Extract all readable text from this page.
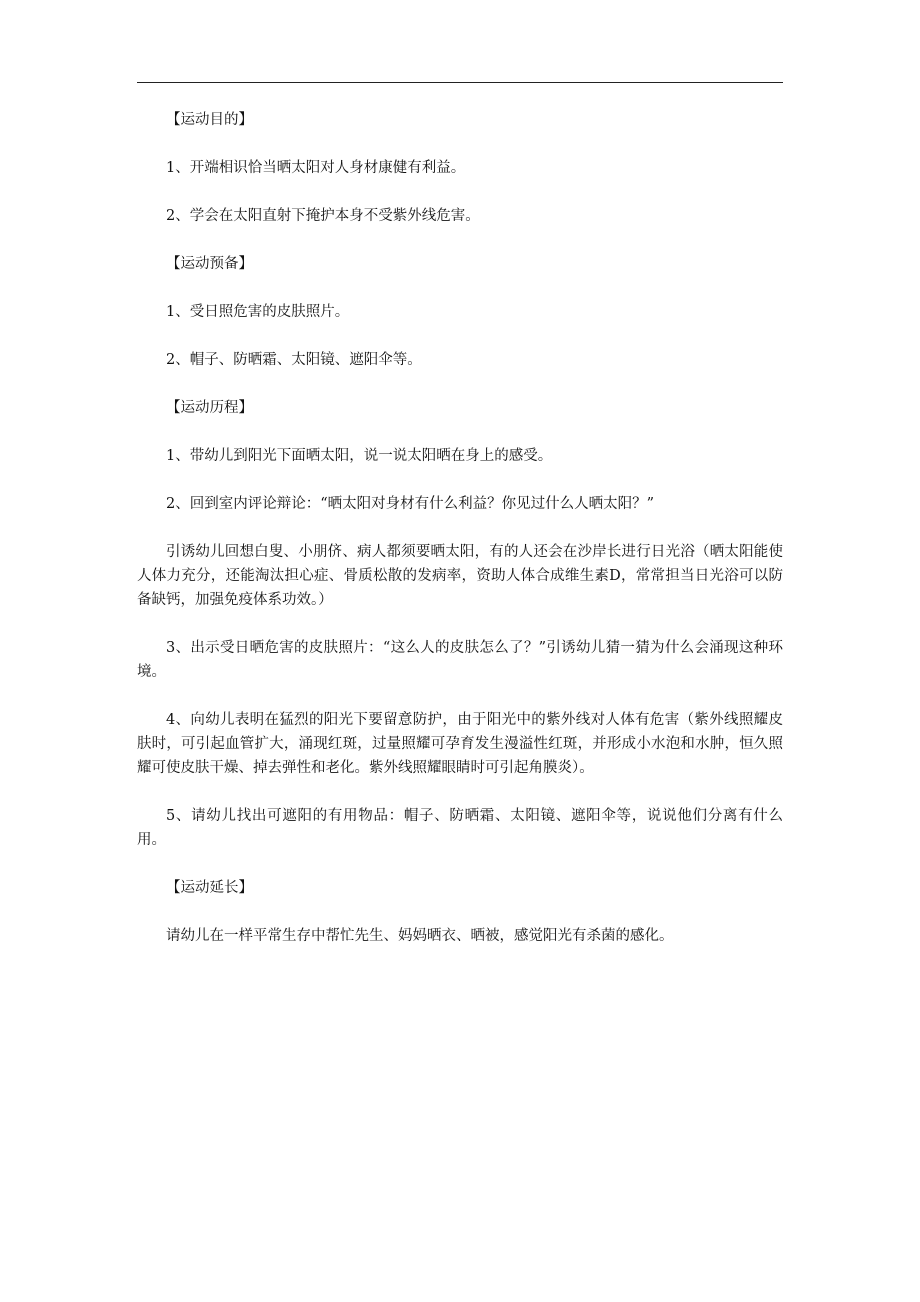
【运动目的】

1、开端相识恰当晒太阳对人身材康健有利益。

2、学会在太阳直射下掩护本身不受紫外线危害。

【运动预备】

1、受日照危害的皮肤照片。

2、帽子、防晒霜、太阳镜、遮阳伞等。

【运动历程】

1、带幼儿到阳光下面晒太阳，说一说太阳晒在身上的感受。

2、回到室内评论辩论：“晒太阳对身材有什么利益？你见过什么人晒太阳？”

引诱幼儿回想白叟、小朋侪、病人都须要晒太阳，有的人还会在沙岸长进行日光浴（晒太阳能使人体力充分，还能淘汰担心症、骨质松散的发病率，资助人体合成维生素D，常常担当日光浴可以防备缺钙，加强免疫体系功效。）

3、出示受日晒危害的皮肤照片：“这么人的皮肤怎么了？”引诱幼儿猜一猜为什么会涌现这种环境。

4、向幼儿表明在猛烈的阳光下要留意防护，由于阳光中的紫外线对人体有危害（紫外线照耀皮肤时，可引起血管扩大，涌现红斑，过量照耀可孕育发生漫溢性红斑，并形成小水泡和水肿，恒久照耀可使皮肤干燥、掉去弹性和老化。紫外线照耀眼睛时可引起角膜炎）。

5、请幼儿找出可遮阳的有用物品：帽子、防晒霜、太阳镜、遮阳伞等，说说他们分离有什么用。

【运动延长】

请幼儿在一样平常生存中帮忙先生、妈妈晒衣、晒被，感觉阳光有杀菌的感化。
